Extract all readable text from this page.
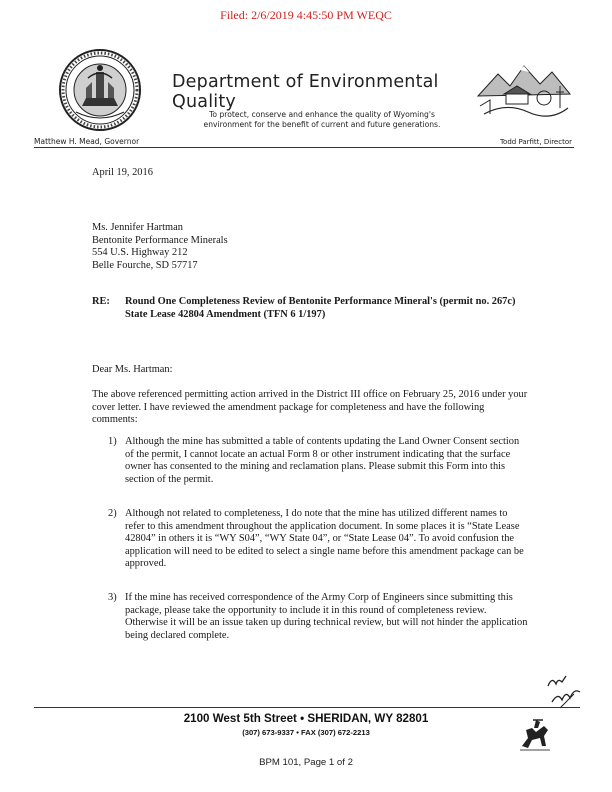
Filed: 2/6/2019 4:45:50 PM WEQC
Department of Environmental Quality
To protect, conserve and enhance the quality of Wyoming's
environment for the benefit of current and future generations.
Matthew H. Mead, Governor	Todd Parfitt, Director
April 19, 2016
Ms. Jennifer Hartman
Bentonite Performance Minerals
554 U.S. Highway 212
Belle Fourche, SD 57717
RE: Round One Completeness Review of Bentonite Performance Mineral's (permit no. 267c) State Lease 42804 Amendment (TFN 6 1/197)
Dear Ms. Hartman:
The above referenced permitting action arrived in the District III office on February 25, 2016 under your cover letter. I have reviewed the amendment package for completeness and have the following comments:
1) Although the mine has submitted a table of contents updating the Land Owner Consent section of the permit, I cannot locate an actual Form 8 or other instrument indicating that the surface owner has consented to the mining and reclamation plans. Please submit this Form into this section of the permit.
2) Although not related to completeness, I do note that the mine has utilized different names to refer to this amendment throughout the application document. In some places it is “State Lease 42804” in others it is “WY S04”, “WY State 04”, or “State Lease 04”. To avoid confusion the application will need to be edited to select a single name before this amendment package can be approved.
3) If the mine has received correspondence of the Army Corp of Engineers since submitting this package, please take the opportunity to include it in this round of completeness review. Otherwise it will be an issue taken up during technical review, but will not hinder the application being declared complete.
2100 West 5th Street • SHERIDAN, WY 82801
(307) 673-9337 • FAX (307) 672-2213
BPM 101, Page 1 of 2
